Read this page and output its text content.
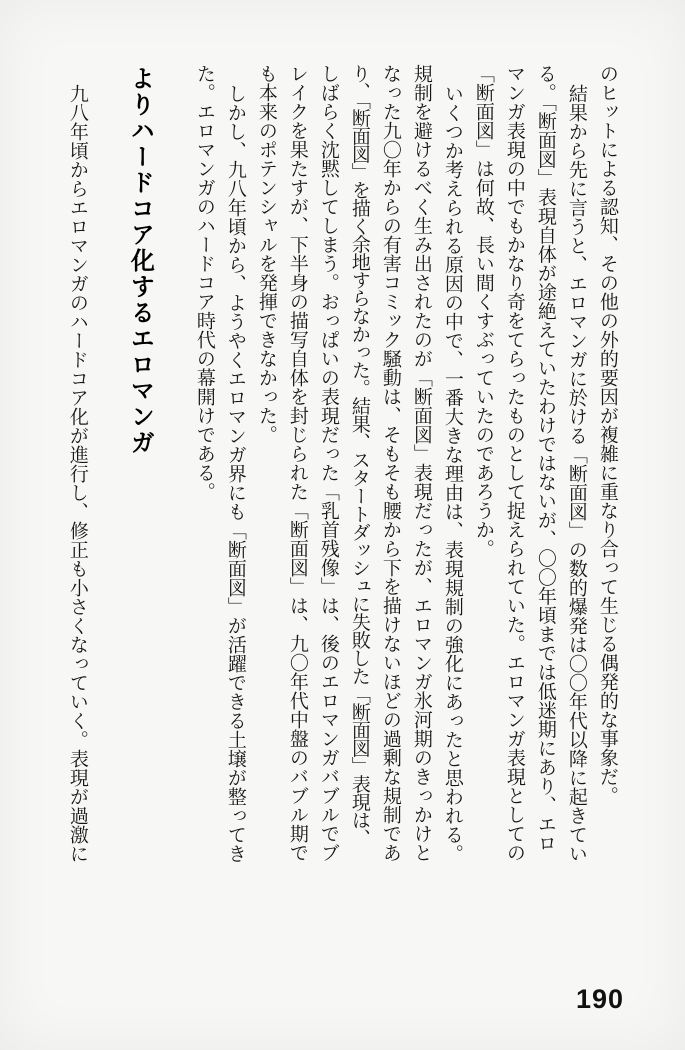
のヒットによる認知、その他の外的要因が複雑に重なり合って生じる偶発的な事象だ。
結果から先に言うと、エロマンガに於ける「断面図」の数的爆発は〇〇年代以降に起きてい
る。「断面図」表現自体が途絶えていたわけではないが、〇〇年頃までは低迷期にあり、エロ
マンガ表現の中でもかなり奇をてらったものとして捉えられていた。エロマンガ表現としての
「断面図」は何故、長い間くすぶっていたのであろうか。
いくつか考えられる原因の中で、一番大きな理由は、表現規制の強化にあったと思われる。
規制を避けるべく生み出されたのが「断面図」表現だったが、エロマンガ氷河期のきっかけと
なった九〇年からの有害コミック騒動は、そもそも腰から下を描けないほどの過剰な規制であ
り、「断面図」を描く余地すらなかった。結果、スタートダッシュに失敗した「断面図」表現は、
しばらく沈黙してしまう。おっぱいの表現だった「乳首残像」は、後のエロマンガバブルでブ
レイクを果たすが、下半身の描写自体を封じられた「断面図」は、九〇年代中盤のバブル期で
も本来のポテンシャルを発揮できなかった。
しかし、九八年頃から、ようやくエロマンガ界にも「断面図」が活躍できる土壌が整ってき
た。エロマンガのハードコア時代の幕開けである。
よりハードコア化するエロマンガ
九八年頃からエロマンガのハードコア化が進行し、修正も小さくなっていく。表現が過激に
190
